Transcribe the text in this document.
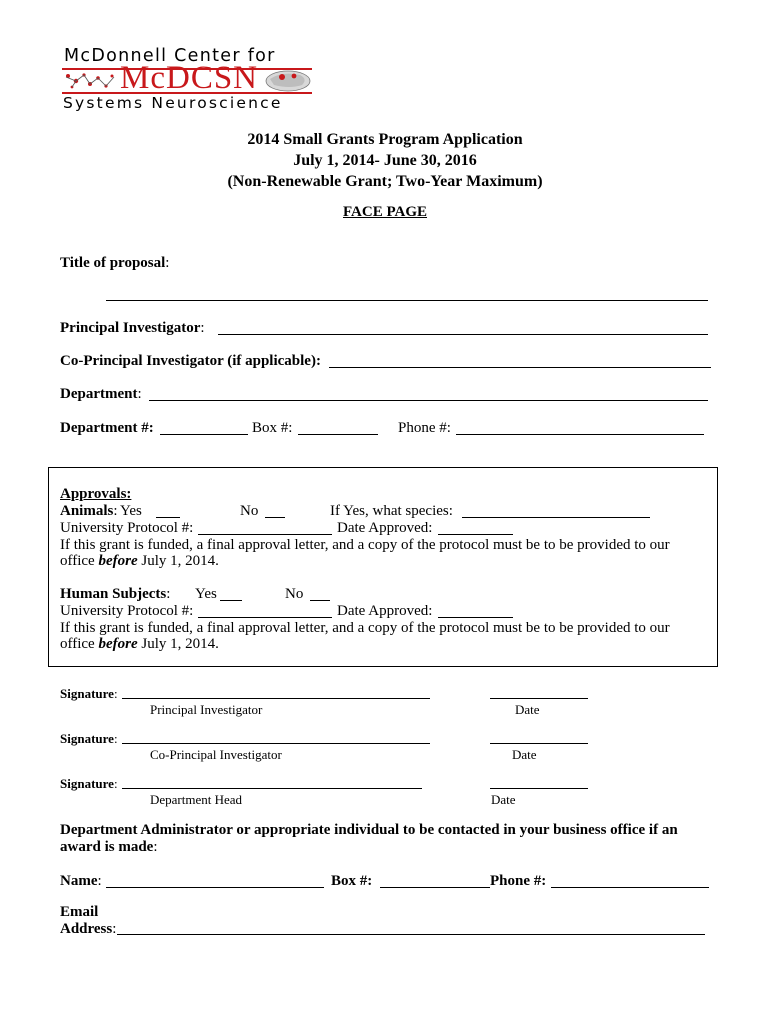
McDonnell Center for
McDCSN
Systems Neuroscience
2014 Small Grants Program Application
July 1, 2014- June 30, 2016
(Non-Renewable Grant; Two-Year Maximum)
FACE PAGE
Title of proposal:
Principal Investigator:
Co-Principal Investigator (if applicable):
Department:
Department #:	Box #:	Phone #:
Approvals:
Animals: Yes	No	If Yes, what species:
University Protocol #:	Date Approved:
If this grant is funded, a final approval letter, and a copy of the protocol must be to be provided to our
office before July 1, 2014.
Human Subjects: Yes	No
University Protocol #:	Date Approved:
If this grant is funded, a final approval letter, and a copy of the protocol must be to be provided to our
office before July 1, 2014.
Signature:
Principal Investigator	Date
Signature:
Co-Principal Investigator	Date
Signature:
Department Head	Date
Department Administrator or appropriate individual to be contacted in your business office if an
award is made:
Name:	Box #:	Phone #:
Email
Address:
